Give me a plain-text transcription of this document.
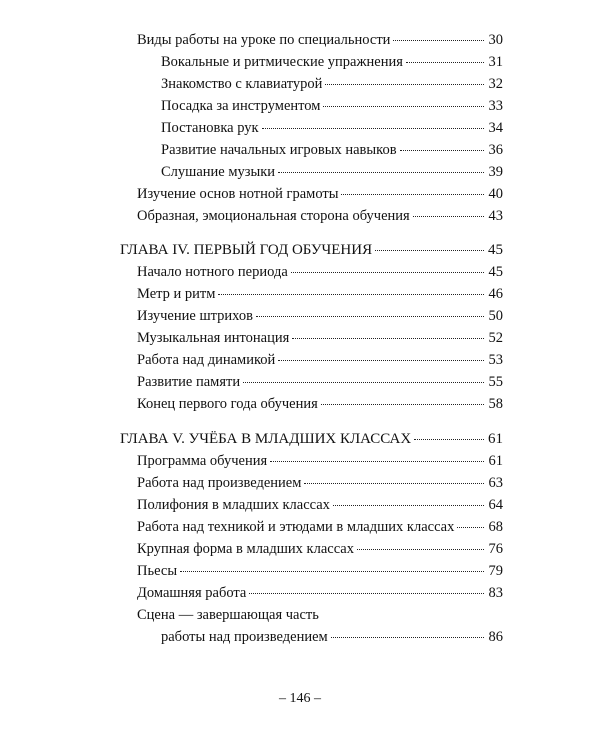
Виды работы на уроке по специальности	30
Вокальные и ритмические упражнения	31
Знакомство с клавиатурой	32
Посадка за инструментом	33
Постановка рук	34
Развитие начальных игровых навыков	36
Слушание музыки	39
Изучение основ нотной грамоты	40
Образная, эмоциональная сторона обучения	43
ГЛАВА IV. ПЕРВЫЙ ГОД ОБУЧЕНИЯ	45
Начало нотного периода	45
Метр и ритм	46
Изучение штрихов	50
Музыкальная интонация	52
Работа над динамикой	53
Развитие памяти	55
Конец первого года обучения	58
ГЛАВА V. УЧЁБА В МЛАДШИХ КЛАССАХ	61
Программа обучения	61
Работа над произведением	63
Полифония в младших классах	64
Работа над техникой и этюдами в младших классах 68
Крупная форма в младших классах	76
Пьесы	79
Домашняя работа	83
Сцена — завершающая часть
работы над произведением	86
– 146 –
